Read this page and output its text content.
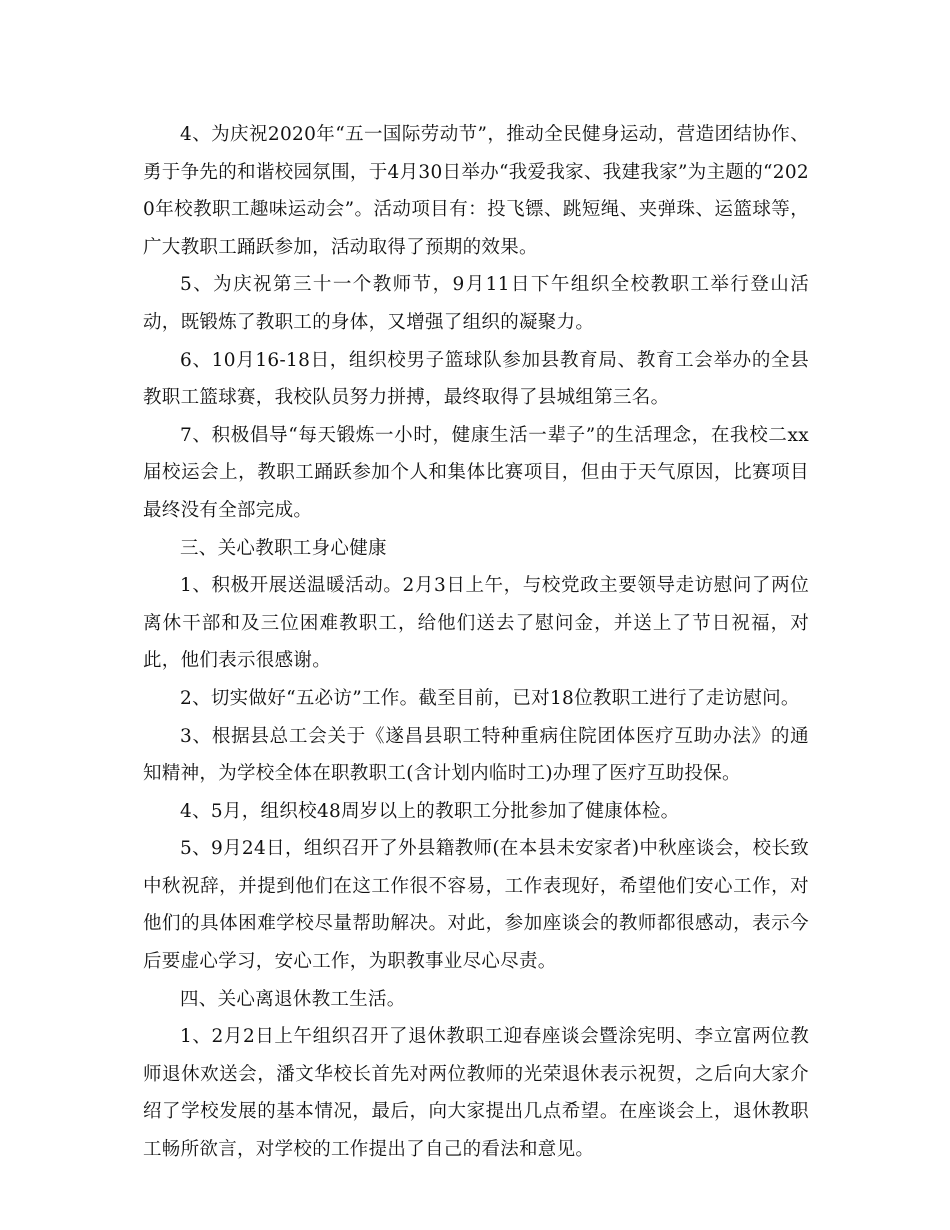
4、为庆祝2020年“五一国际劳动节”，推动全民健身运动，营造团结协作、勇于争先的和谐校园氛围，于4月30日举办“我爱我家、我建我家”为主题的“2020年校教职工趣味运动会”。活动项目有：投飞镖、跳短绳、夹弹珠、运篮球等，广大教职工踊跃参加，活动取得了预期的效果。

5、为庆祝第三十一个教师节，9月11日下午组织全校教职工举行登山活动，既锻炼了教职工的身体，又增强了组织的凝聚力。

6、10月16-18日，组织校男子篮球队参加县教育局、教育工会举办的全县教职工篮球赛，我校队员努力拼搏，最终取得了县城组第三名。

7、积极倡导“每天锻炼一小时，健康生活一辈子”的生活理念，在我校二xx届校运会上，教职工踊跃参加个人和集体比赛项目，但由于天气原因，比赛项目最终没有全部完成。

三、关心教职工身心健康

1、积极开展送温暖活动。2月3日上午，与校党政主要领导走访慰问了两位离休干部和及三位困难教职工，给他们送去了慰问金，并送上了节日祝福，对此，他们表示很感谢。

2、切实做好“五必访”工作。截至目前，已对18位教职工进行了走访慰问。

3、根据县总工会关于《遂昌县职工特种重病住院团体医疗互助办法》的通知精神，为学校全体在职教职工(含计划内临时工)办理了医疗互助投保。

4、5月，组织校48周岁以上的教职工分批参加了健康体检。

5、9月24日，组织召开了外县籍教师(在本县未安家者)中秋座谈会，校长致中秋祝辞，并提到他们在这工作很不容易，工作表现好，希望他们安心工作，对他们的具体困难学校尽量帮助解决。对此，参加座谈会的教师都很感动，表示今后要虚心学习，安心工作，为职教事业尽心尽责。

四、关心离退休教工生活。

1、2月2日上午组织召开了退休教职工迎春座谈会暨涂宪明、李立富两位教师退休欢送会，潘文华校长首先对两位教师的光荣退休表示祝贺，之后向大家介绍了学校发展的基本情况，最后，向大家提出几点希望。在座谈会上，退休教职工畅所欲言，对学校的工作提出了自己的看法和意见。
